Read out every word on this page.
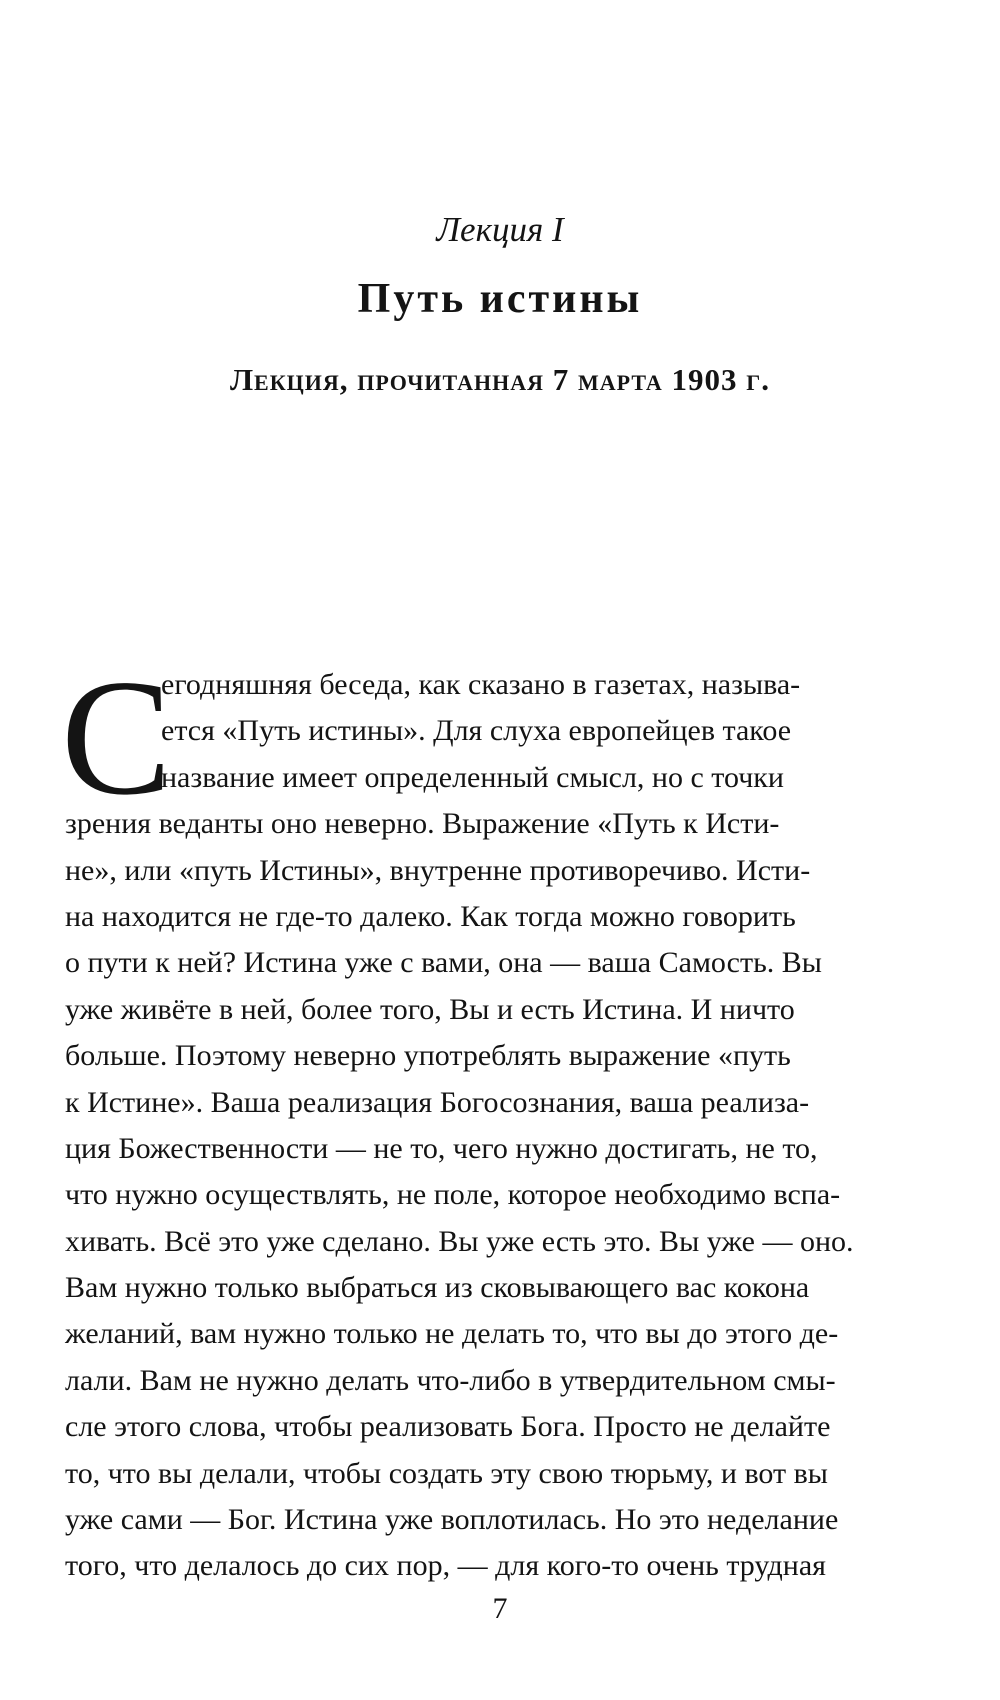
Лекция I
Путь истины
Лекция, прочитанная 7 марта 1903 г.
С
егодняшняя беседа, как сказано в газетах, называ-
ется «Путь истины». Для слуха европейцев такое
название имеет определенный смысл, но с точки
зрения веданты оно неверно. Выражение «Путь к Исти-
не», или «путь Истины», внутренне противоречиво. Исти-
на находится не где-то далеко. Как тогда можно говорить
о пути к ней? Истина уже с вами, она — ваша Самость. Вы
уже живёте в ней, более того, Вы и есть Истина. И ничто
больше. Поэтому неверно употреблять выражение «путь
к Истине». Ваша реализация Богосознания, ваша реализа-
ция Божественности — не то, чего нужно достигать, не то,
что нужно осуществлять, не поле, которое необходимо вспа-
хивать. Всё это уже сделано. Вы уже есть это. Вы уже — оно.
Вам нужно только выбраться из сковывающего вас кокона
желаний, вам нужно только не делать то, что вы до этого де-
лали. Вам не нужно делать что-либо в утвердительном смы-
сле этого слова, чтобы реализовать Бога. Просто не делайте
то, что вы делали, чтобы создать эту свою тюрьму, и вот вы
уже сами — Бог. Истина уже воплотилась. Но это неделание
того, что делалось до сих пор, — для кого-то очень трудная
7
